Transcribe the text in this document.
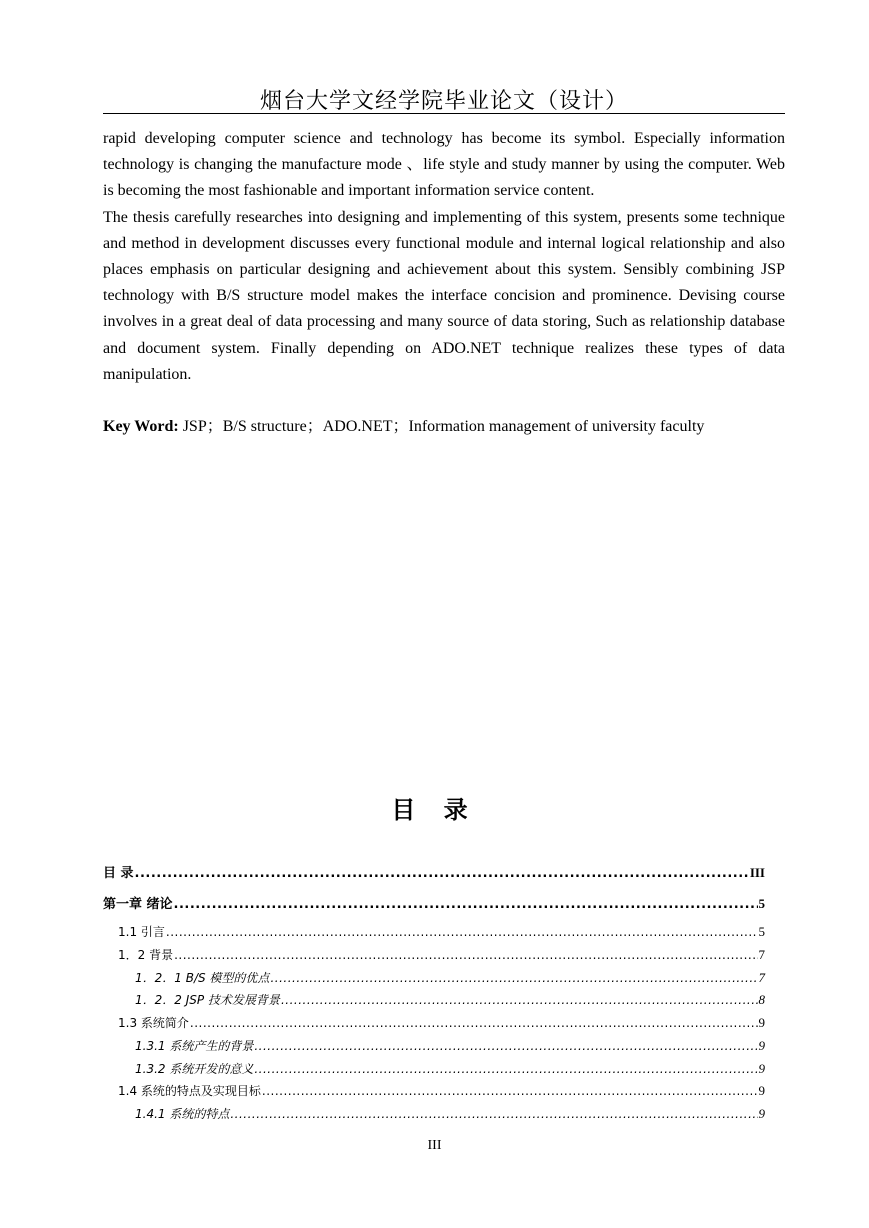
烟台大学文经学院毕业论文（设计）

rapid developing computer science and technology has become its symbol. Especially information technology is changing the manufacture mode 、life style and study manner by using the computer. Web is becoming the most fashionable and important information service content.

The thesis carefully researches into designing and implementing of this system, presents some technique and method in development discusses every functional module and internal logical relationship and also places emphasis on particular designing and achievement about this system. Sensibly combining JSP technology with B/S structure model makes the interface concision and prominence. Devising course involves in a great deal of data processing and many source of data storing, Such as relationship database and document system. Finally depending on ADO.NET technique realizes these types of data manipulation.

Key Word: JSP；B/S structure；ADO.NET；Information management of university faculty
目 录
目 录 .....	III
第一章 绪论 .....	5
1.1 引言 .....	5
1．2 背景 .....	7
1．2．1 B/S 模型的优点 .....	7
1．2．2 JSP 技术发展背景 .....	8
1.3 系统简介 .....	9
1.3.1 系统产生的背景 .....	9
1.3.2 系统开发的意义 .....	9
1.4 系统的特点及实现目标 .....	9
1.4.1 系统的特点 .....	9
III
